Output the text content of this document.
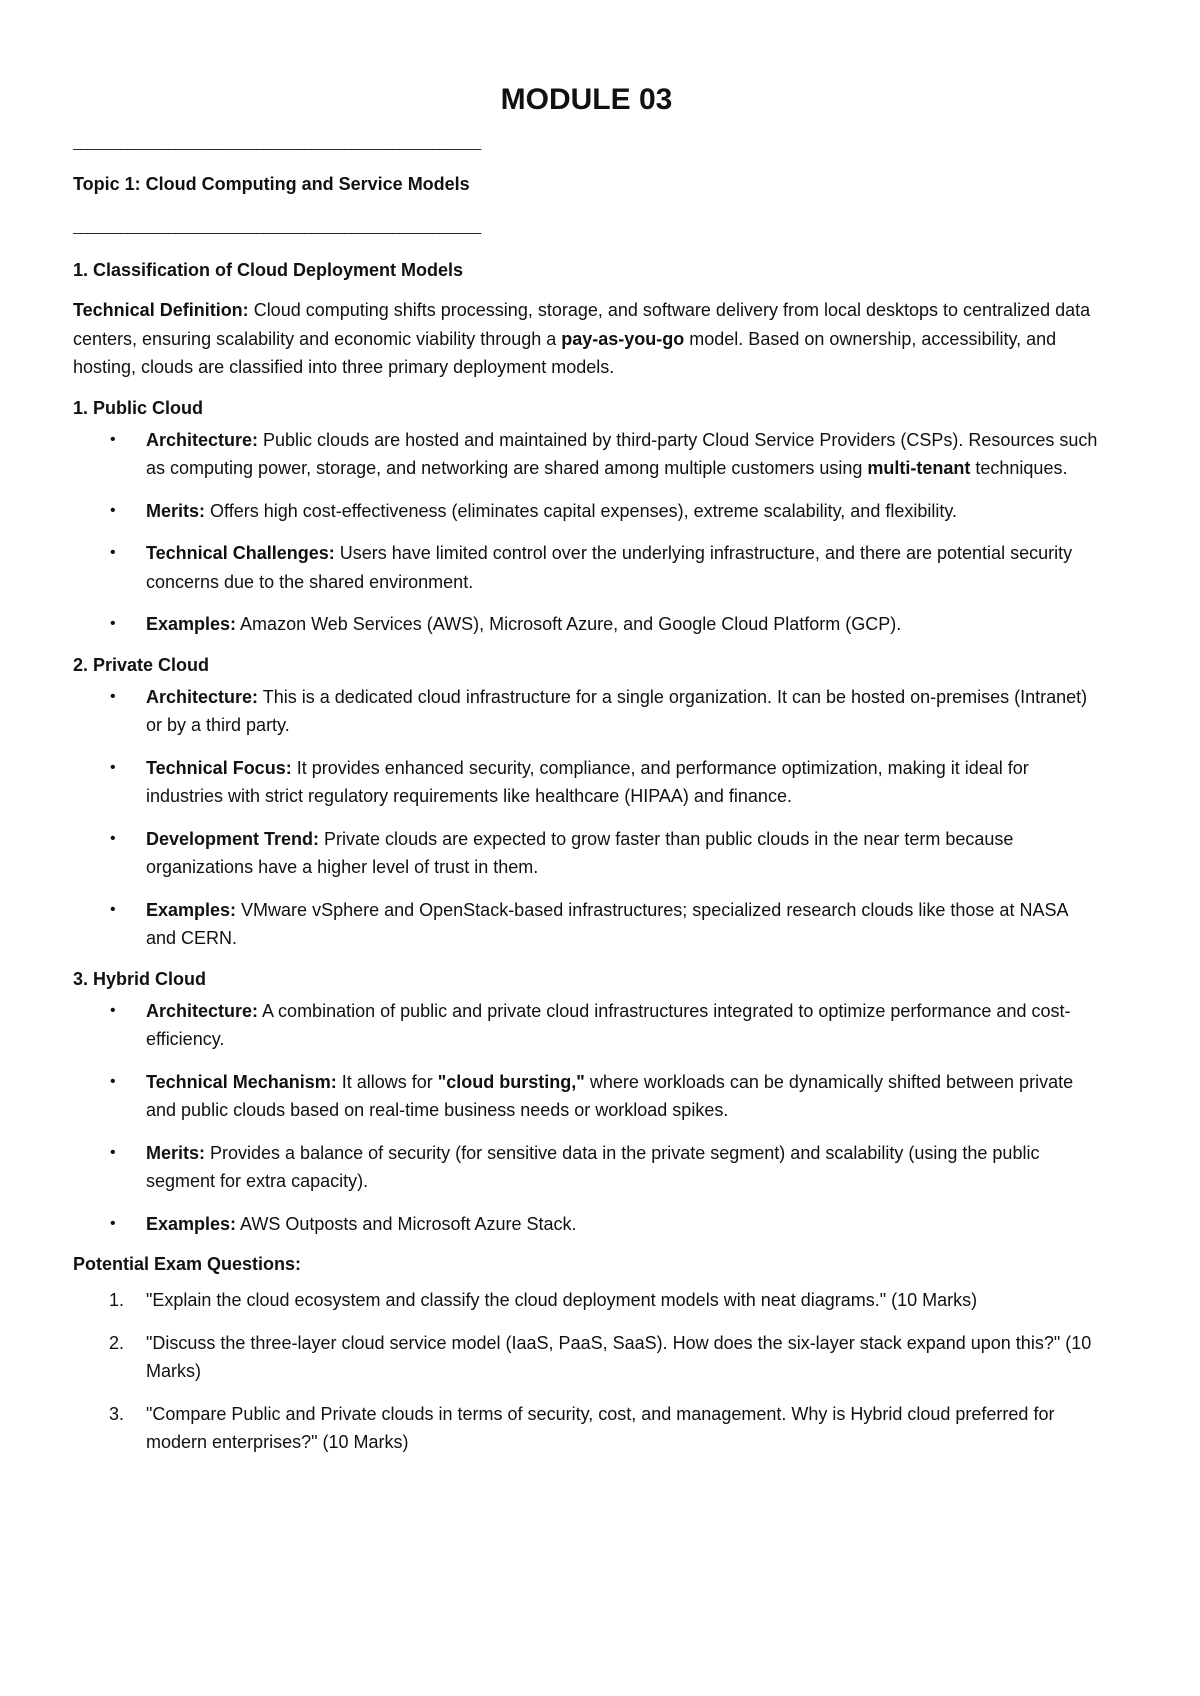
MODULE 03

____________________________________________________________

Topic 1: Cloud Computing and Service Models

____________________________________________________________

1. Classification of Cloud Deployment Models

Technical Definition: Cloud computing shifts processing, storage, and software delivery from local desktops to centralized data centers, ensuring scalability and economic viability through a pay-as-you-go model. Based on ownership, accessibility, and hosting, clouds are classified into three primary deployment models.

1. Public Cloud

• Architecture: Public clouds are hosted and maintained by third-party Cloud Service Providers (CSPs). Resources such as computing power, storage, and networking are shared among multiple customers using multi-tenant techniques.
• Merits: Offers high cost-effectiveness (eliminates capital expenses), extreme scalability, and flexibility.
• Technical Challenges: Users have limited control over the underlying infrastructure, and there are potential security concerns due to the shared environment.
• Examples: Amazon Web Services (AWS), Microsoft Azure, and Google Cloud Platform (GCP).

2. Private Cloud

• Architecture: This is a dedicated cloud infrastructure for a single organization. It can be hosted on-premises (Intranet) or by a third party.
• Technical Focus: It provides enhanced security, compliance, and performance optimization, making it ideal for industries with strict regulatory requirements like healthcare (HIPAA) and finance.
• Development Trend: Private clouds are expected to grow faster than public clouds in the near term because organizations have a higher level of trust in them.
• Examples: VMware vSphere and OpenStack-based infrastructures; specialized research clouds like those at NASA and CERN.

3. Hybrid Cloud

• Architecture: A combination of public and private cloud infrastructures integrated to optimize performance and cost-efficiency.
• Technical Mechanism: It allows for "cloud bursting," where workloads can be dynamically shifted between private and public clouds based on real-time business needs or workload spikes.
• Merits: Provides a balance of security (for sensitive data in the private segment) and scalability (using the public segment for extra capacity).
• Examples: AWS Outposts and Microsoft Azure Stack.

Potential Exam Questions:

1. "Explain the cloud ecosystem and classify the cloud deployment models with neat diagrams." (10 Marks)
2. "Discuss the three-layer cloud service model (IaaS, PaaS, SaaS). How does the six-layer stack expand upon this?" (10 Marks)
3. "Compare Public and Private clouds in terms of security, cost, and management. Why is Hybrid cloud preferred for modern enterprises?" (10 Marks)
